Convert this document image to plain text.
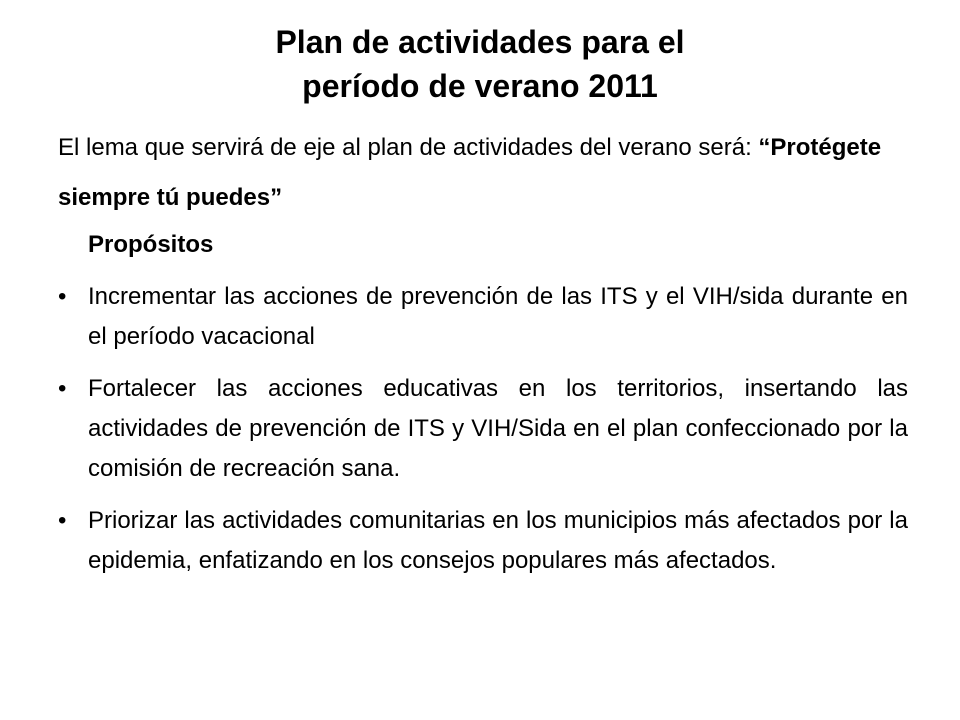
Plan de actividades para el
período de verano 2011
El lema que servirá de eje al plan de actividades del verano será: “Protégete siempre tú puedes”
Propósitos
• Incrementar las acciones de prevención de las ITS y el VIH/sida durante en el período vacacional
• Fortalecer las acciones educativas en los territorios, insertando las actividades de prevención de ITS y VIH/Sida en el plan confeccionado por la comisión de recreación sana.
• Priorizar las actividades comunitarias en los municipios más afectados por la epidemia, enfatizando en los consejos populares más afectados.
